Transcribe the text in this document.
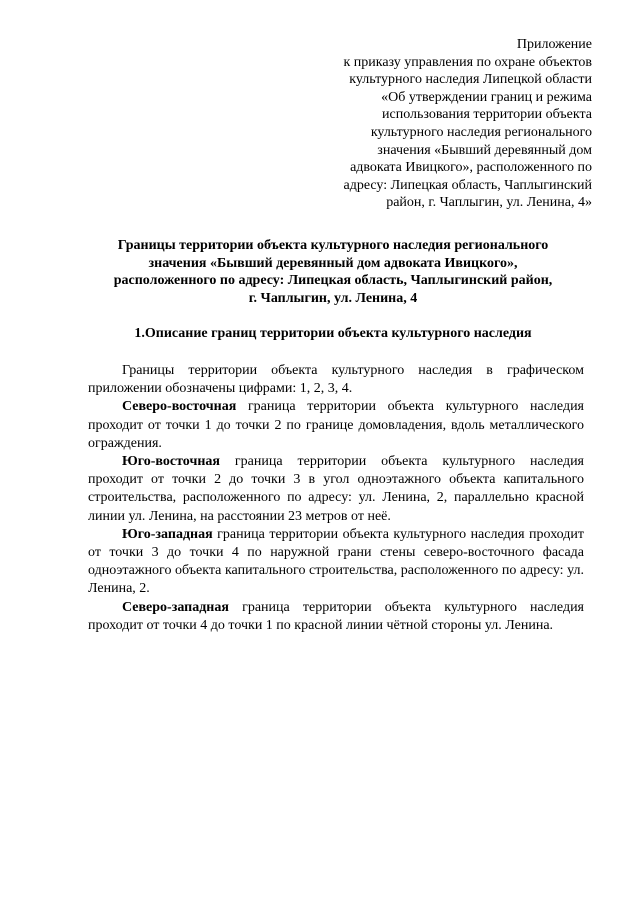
Приложение
к приказу управления по охране объектов
культурного наследия Липецкой области
«Об утверждении границ и режима
использования территории объекта
культурного наследия регионального
значения «Бывший деревянный дом
адвоката Ивицкого», расположенного по
адресу: Липецкая область, Чаплыгинский
район, г. Чаплыгин, ул. Ленина, 4»
Границы территории объекта культурного наследия регионального
значения «Бывший деревянный дом адвоката Ивицкого»,
расположенного по адресу: Липецкая область, Чаплыгинский район,
г. Чаплыгин, ул. Ленина, 4
1.Описание границ территории объекта культурного наследия

Границы территории объекта культурного наследия в графическом приложении обозначены цифрами: 1, 2, 3, 4.

Северо-восточная граница территории объекта культурного наследия проходит от точки 1 до точки 2 по границе домовладения, вдоль металлического ограждения.

Юго-восточная граница территории объекта культурного наследия проходит от точки 2 до точки 3 в угол одноэтажного объекта капитального строительства, расположенного по адресу: ул. Ленина, 2, параллельно красной линии ул. Ленина, на расстоянии 23 метров от неё.

Юго-западная граница территории объекта культурного наследия проходит от точки 3 до точки 4 по наружной грани стены северо-восточного фасада одноэтажного объекта капитального строительства, расположенного по адресу: ул. Ленина, 2.

Северо-западная граница территории объекта культурного наследия проходит от точки 4 до точки 1 по красной линии чётной стороны ул. Ленина.
